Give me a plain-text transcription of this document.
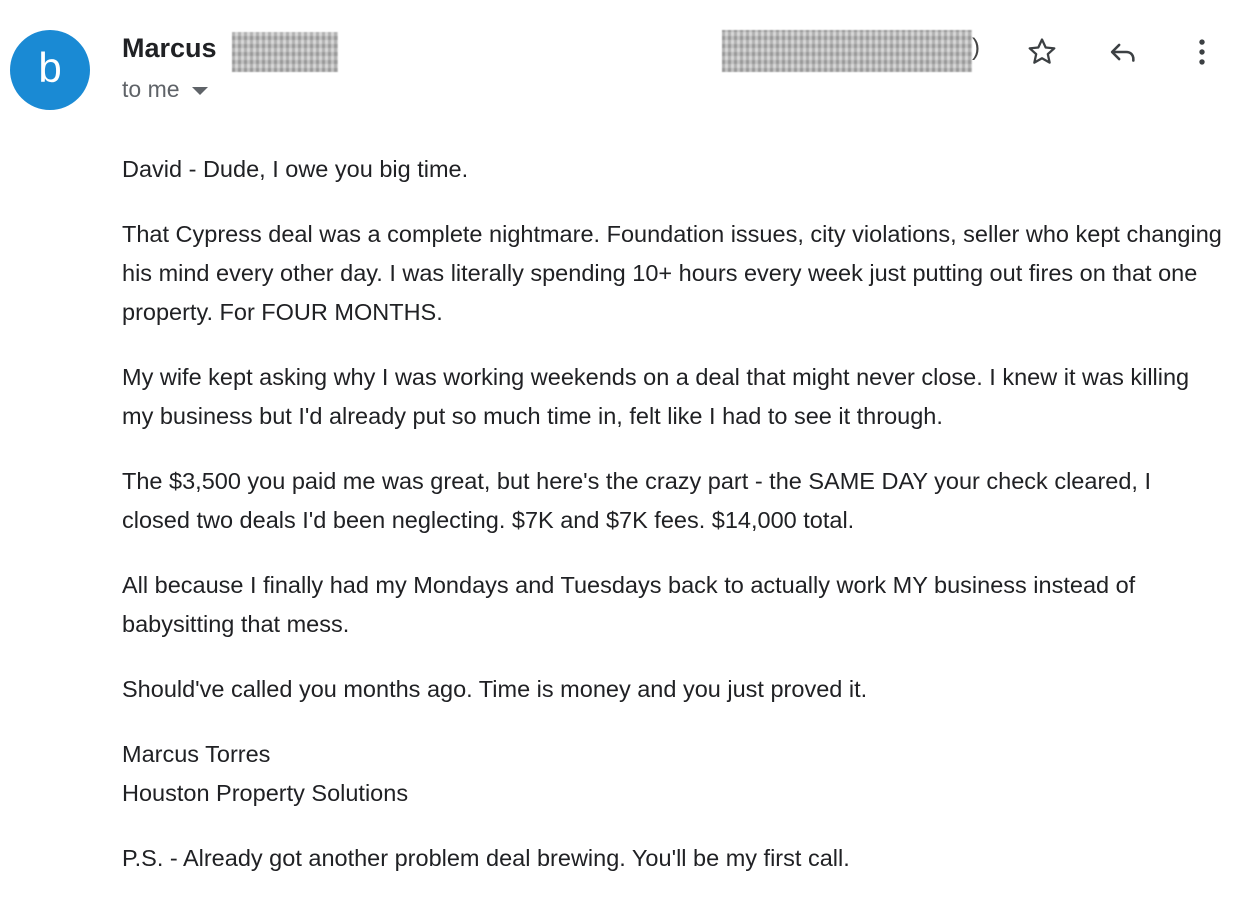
b Marcus	)
to me

David - Dude, I owe you big time.

That Cypress deal was a complete nightmare. Foundation issues, city violations, seller who kept changing his mind every other day. I was literally spending 10+ hours every week just putting out fires on that one property. For FOUR MONTHS.

My wife kept asking why I was working weekends on a deal that might never close. I knew it was killing my business but I'd already put so much time in, felt like I had to see it through.

The $3,500 you paid me was great, but here's the crazy part - the SAME DAY your check cleared, I closed two deals I'd been neglecting. $7K and $7K fees. $14,000 total.

All because I finally had my Mondays and Tuesdays back to actually work MY business instead of babysitting that mess.

Should've called you months ago. Time is money and you just proved it.

Marcus Torres
Houston Property Solutions

P.S. - Already got another problem deal brewing. You'll be my first call.
